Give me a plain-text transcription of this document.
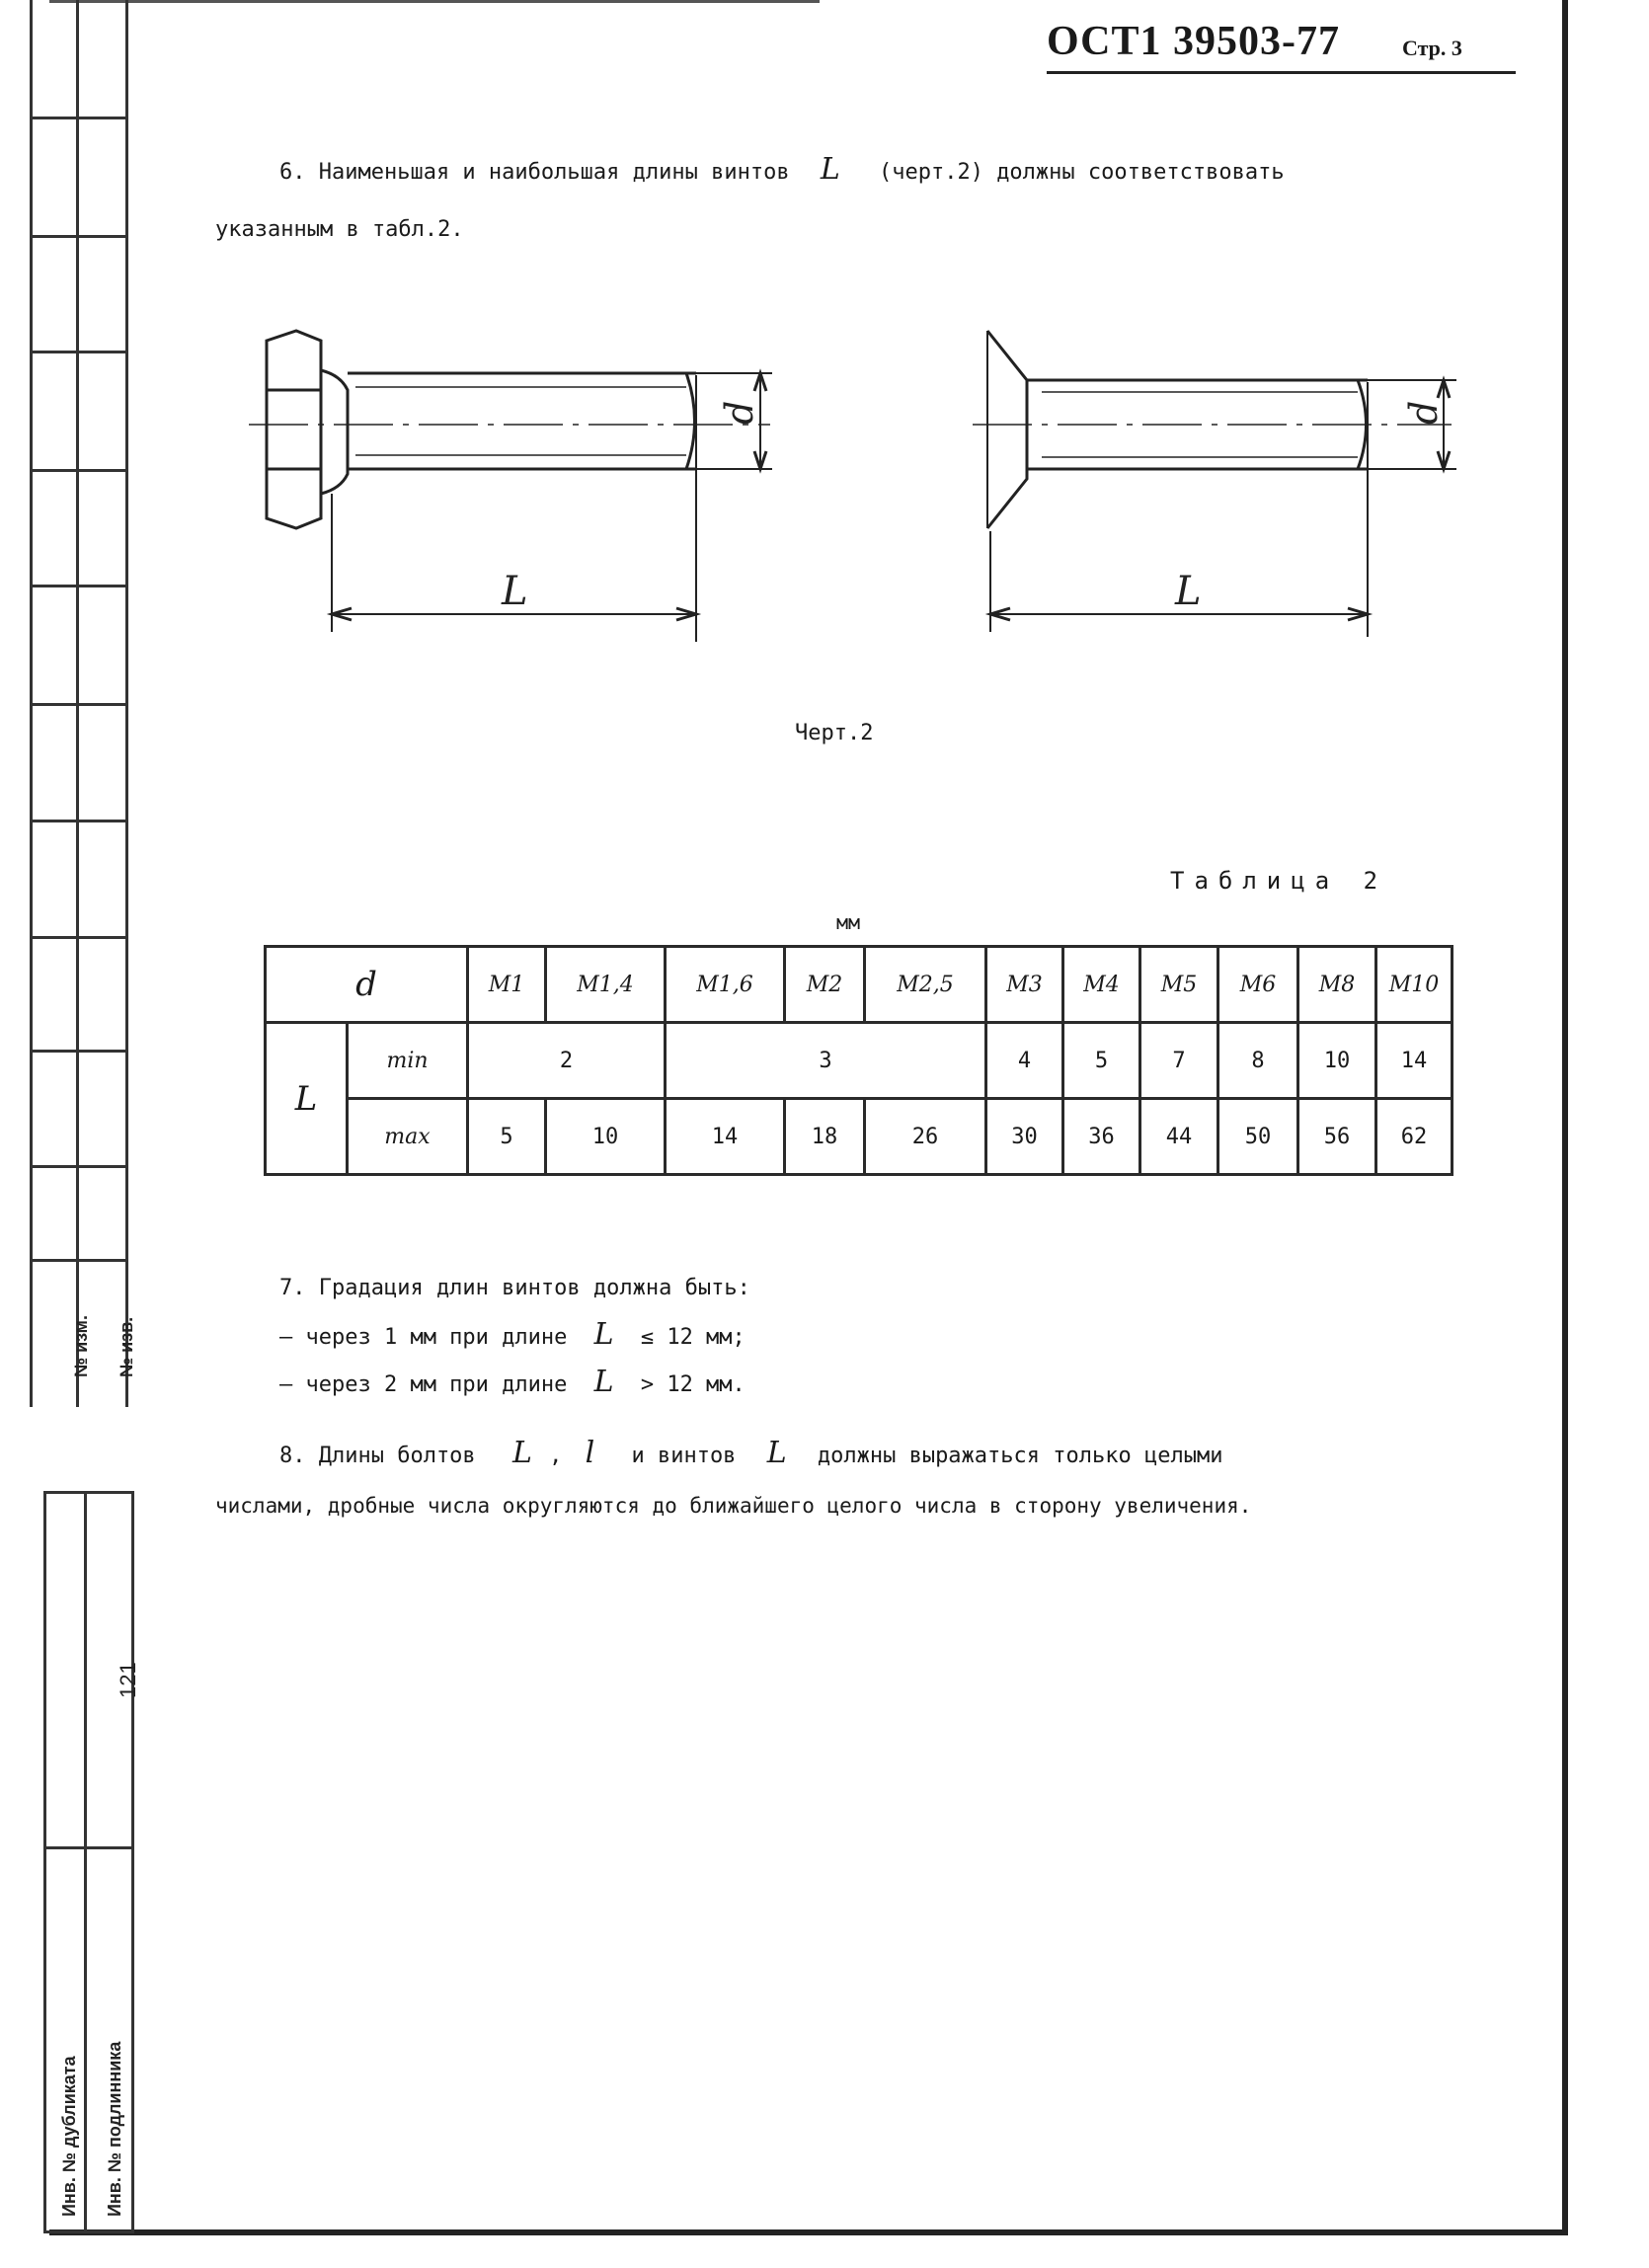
№ изм. № изв.
121
Инв. № дубликата Инв. № подлинника
ОСТ1 39503-77	Стр. 3
6. Наименьшая и наибольшая длины винтов L (черт.2) должны соответствовать
указанным в табл.2.
d
L
d
L
Черт.2
Таблица 2
мм
d		M1	M1,4	M1,6	M2	M2,5	M3	M4	M5	M6	M8	M10
L	min	2		3			4	5	7	8	10	14
	max	5	10	14	18	26	30	36	44	50	56	62
7. Градация длин винтов должна быть:
– через 1 мм при длине L ≤ 12 мм;
– через 2 мм при длине L > 12 мм.
8. Длины болтов L , l и винтов L должны выражаться только целыми
числами, дробные числа округляются до ближайшего целого числа в сторону увеличения.
